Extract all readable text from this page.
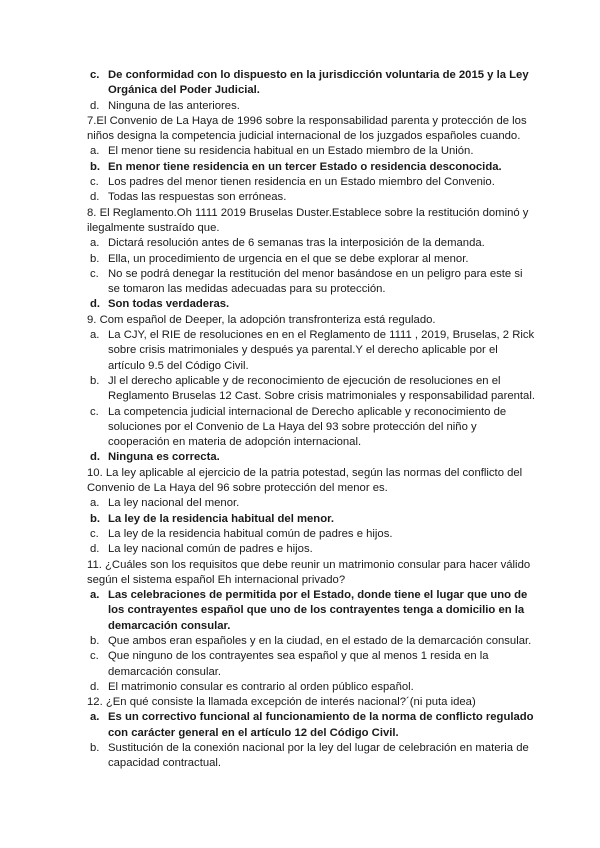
c. De conformidad con lo dispuesto en la jurisdicción voluntaria de 2015 y la Ley Orgánica del Poder Judicial.
d. Ninguna de las anteriores.

7.El Convenio de La Haya de 1996 sobre la responsabilidad parenta y protección de los niños designa la competencia judicial internacional de los juzgados españoles cuando.

a. El menor tiene su residencia habitual en un Estado miembro de la Unión.
b. En menor tiene residencia en un tercer Estado o residencia desconocida.
c. Los padres del menor tienen residencia en un Estado miembro del Convenio.
d. Todas las respuestas son erróneas.

8. El Reglamento.Oh 1111 2019 Bruselas Duster.Establece sobre la restitución dominó y ilegalmente sustraído que.

a. Dictará resolución antes de 6 semanas tras la interposición de la demanda.
b. Ella, un procedimiento de urgencia en el que se debe explorar al menor.
c. No se podrá denegar la restitución del menor basándose en un peligro para este si se tomaron las medidas adecuadas para su protección.
d. Son todas verdaderas.

9. Com español de Deeper, la adopción transfronteriza está regulado.

a. La CJY, el RIE de resoluciones en en el Reglamento de 1111 , 2019, Bruselas, 2 Rick sobre crisis matrimoniales y después ya parental.Y el derecho aplicable por el artículo 9.5 del Código Civil.
b. Jl el derecho aplicable y de reconocimiento de ejecución de resoluciones en el Reglamento Bruselas 12 Cast. Sobre crisis matrimoniales y responsabilidad parental.
c. La competencia judicial internacional de Derecho aplicable y reconocimiento de soluciones por el Convenio de La Haya del 93 sobre protección del niño y cooperación en materia de adopción internacional.
d. Ninguna es correcta.

10. La ley aplicable al ejercicio de la patria potestad, según las normas del conflicto del Convenio de La Haya del 96 sobre protección del menor es.

a. La ley nacional del menor.
b. La ley de la residencia habitual del menor.
c. La ley de la residencia habitual común de padres e hijos.
d. La ley nacional común de padres e hijos.

11. ¿Cuáles son los requisitos que debe reunir un matrimonio consular para hacer válido según el sistema español Eh internacional privado?

a. Las celebraciones de permitida por el Estado, donde tiene el lugar que uno de los contrayentes español que uno de los contrayentes tenga a domicilio en la demarcación consular.
b. Que ambos eran españoles y en la ciudad, en el estado de la demarcación consular.
c. Que ninguno de los contrayentes sea español y que al menos 1 resida en la demarcación consular.
d. El matrimonio consular es contrario al orden público español.

12. ¿En qué consiste la llamada excepción de interés nacional?´(ni puta idea)

a. Es un correctivo funcional al funcionamiento de la norma de conflicto regulado con carácter general en el artículo 12 del Código Civil.
b. Sustitución de la conexión nacional por la ley del lugar de celebración en materia de capacidad contractual.
